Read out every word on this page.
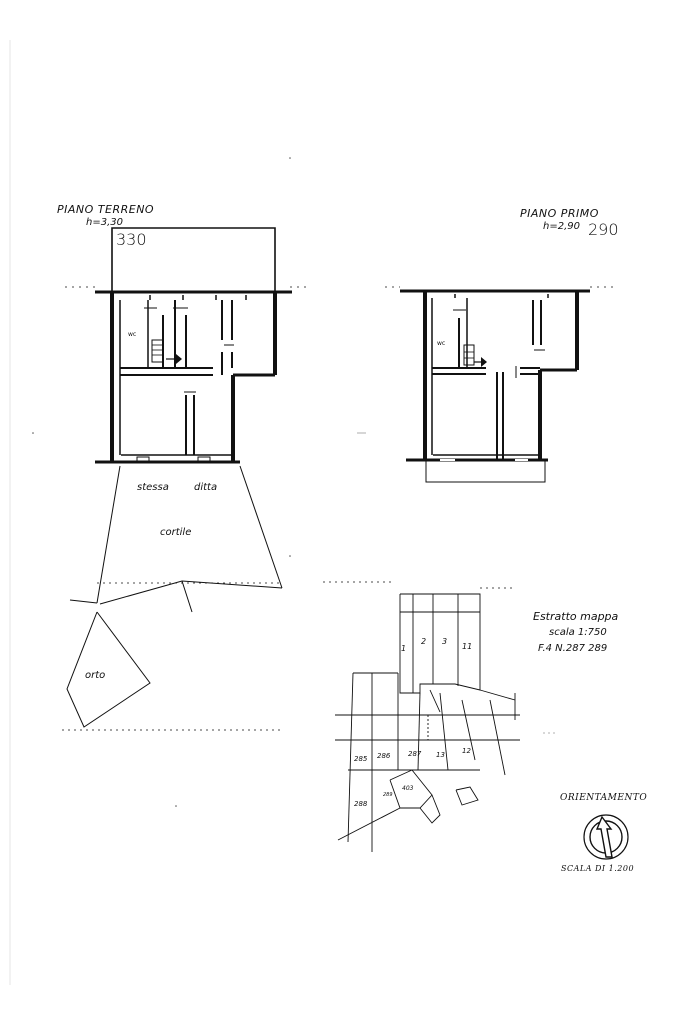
PIANO TERRENO
h=3,30
330
wc
stessa	ditta
cortile
orto
PIANO PRIMO
h=2,90 290
wc
Estratto mappa
scala 1:750
F.4 N.287 289
1
2 3
11
285 286	287 13 12
288
289
403
ORIENTAMENTO
SCALA DI 1.200
